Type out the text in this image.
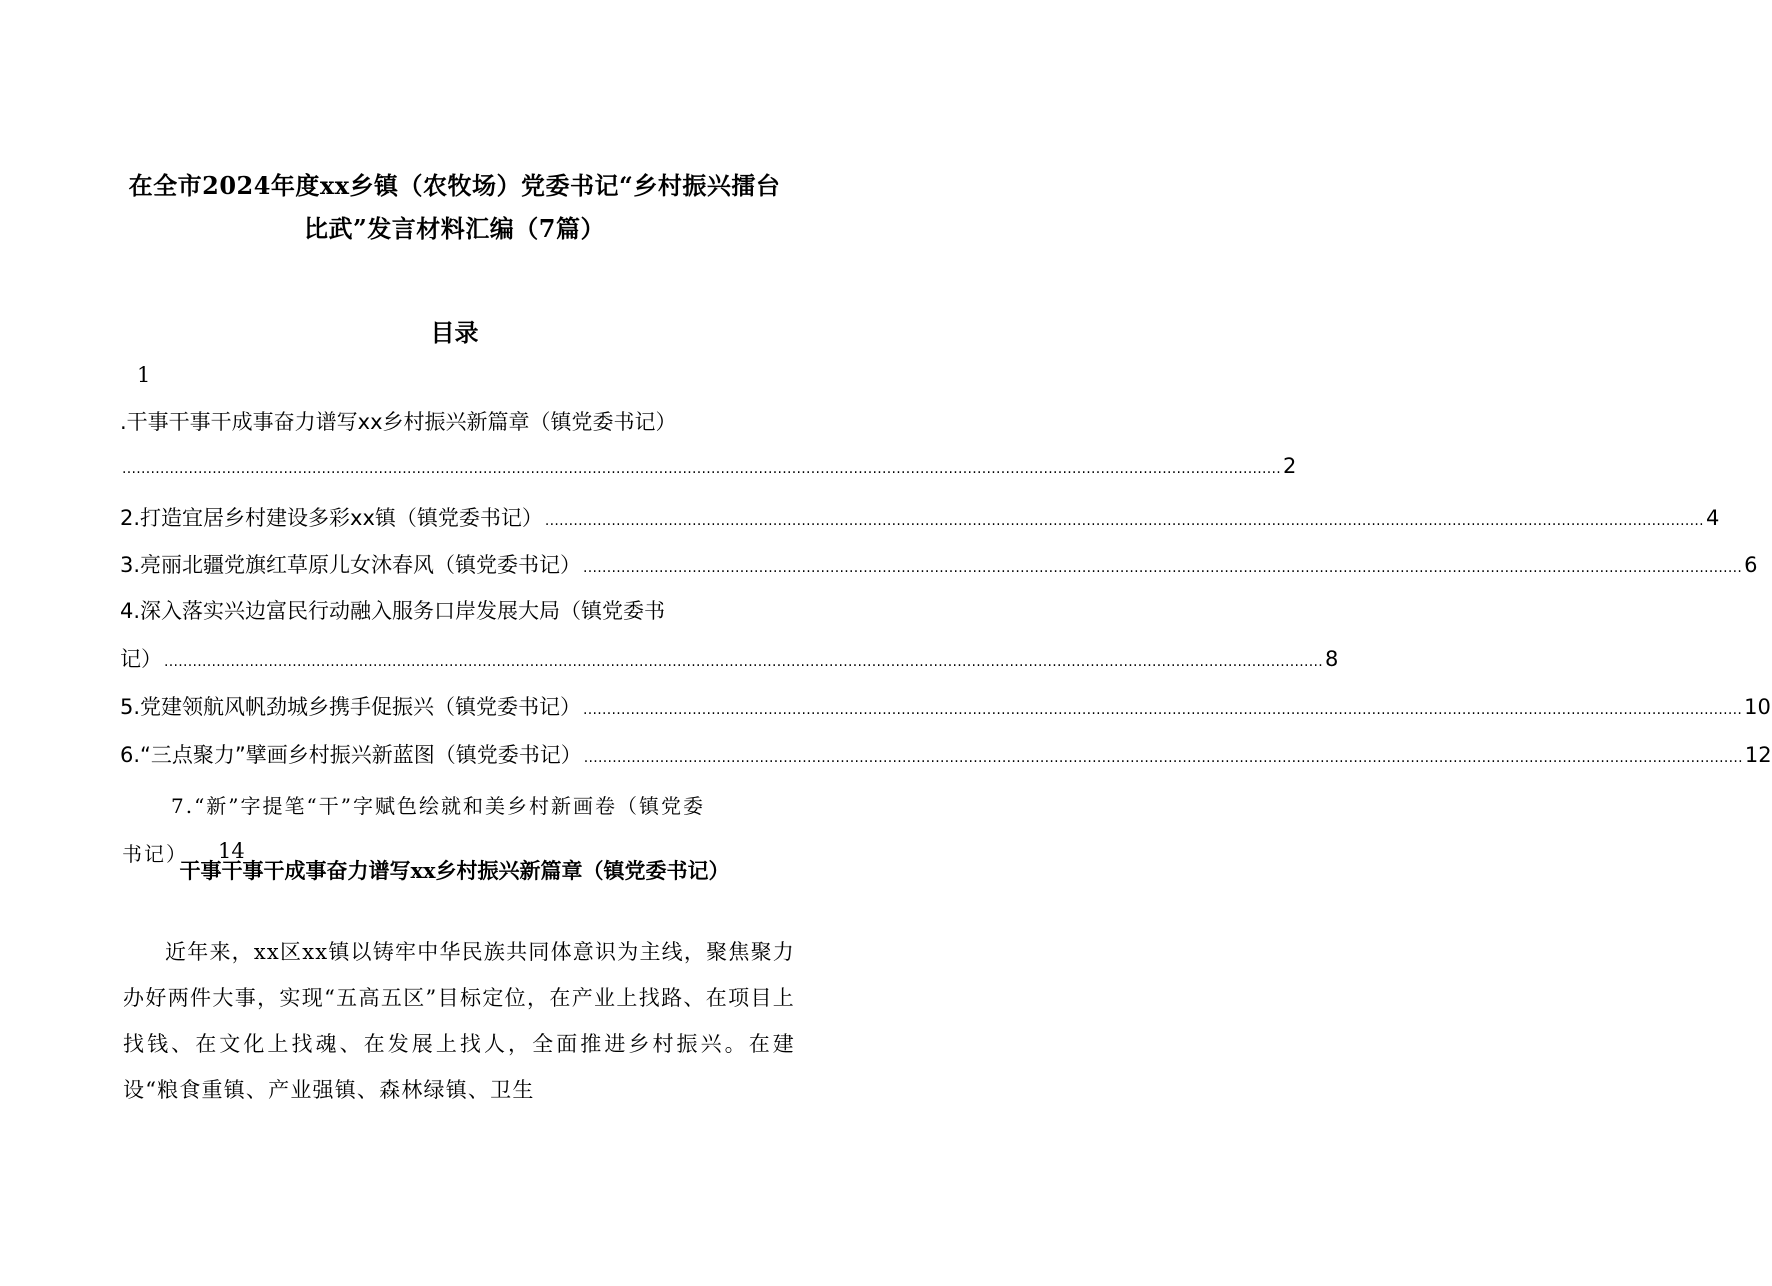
在全市2024年度xx乡镇（农牧场）党委书记“乡村振兴擂台
比武”发言材料汇编（7篇）
目录
1
.干事干事干成事奋力谱写xx乡村振兴新篇章（镇党委书记）
.................................................................................................................................................................................................................................................... 2
2.打造宜居乡村建设多彩xx镇（镇党委书记） .................................................................................................................................................................................................................................................... 4
3.亮丽北疆党旗红草原儿女沐春风（镇党委书记） .................................................................................................................................................................................................................................................... 6
4.深入落实兴边富民行动融入服务口岸发展大局（镇党委书
记） .................................................................................................................................................................................................................................................... 8
5.党建领航风帆劲城乡携手促振兴（镇党委书记） .................................................................................................................................................................................................................................................... 10
6.“三点聚力”擘画乡村振兴新蓝图（镇党委书记） .................................................................................................................................................................................................................................................... 12
7.“新”字提笔“干”字赋色绘就和美乡村新画卷（镇党委
书记） 14
干事干事干成事奋力谱写xx乡村振兴新篇章（镇党委书记）

近年来，xx区xx镇以铸牢中华民族共同体意识为主线，聚焦聚力办好两件大事，实现“五高五区”目标定位，在产业上找路、在项目上找钱、在文化上找魂、在发展上找人，全面推进乡村振兴。在建设“粮食重镇、产业强镇、森林绿镇、卫生
